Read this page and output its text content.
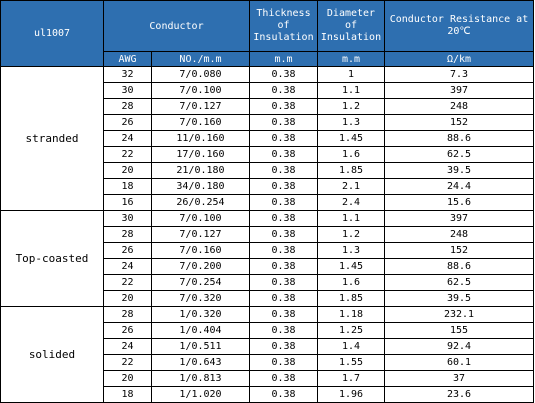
ul1007	Conductor		Thickness of Insulation	Diameter of Insulation	Conductor Resistance at 20℃
	AWG	NO./m.m	m.m	m.m	Ω/km
stranded	32	7/0.080	0.38	1	7.3
	30	7/0.100	0.38	1.1	397
	28	7/0.127	0.38	1.2	248
	26	7/0.160	0.38	1.3	152
	24	11/0.160	0.38	1.45	88.6
	22	17/0.160	0.38	1.6	62.5
	20	21/0.180	0.38	1.85	39.5
	18	34/0.180	0.38	2.1	24.4
	16	26/0.254	0.38	2.4	15.6
Top-coasted	30	7/0.100	0.38	1.1	397
	28	7/0.127	0.38	1.2	248
	26	7/0.160	0.38	1.3	152
	24	7/0.200	0.38	1.45	88.6
	22	7/0.254	0.38	1.6	62.5
	20	7/0.320	0.38	1.85	39.5
solided	28	1/0.320	0.38	1.18	232.1
	26	1/0.404	0.38	1.25	155
	24	1/0.511	0.38	1.4	92.4
	22	1/0.643	0.38	1.55	60.1
	20	1/0.813	0.38	1.7	37
	18	1/1.020	0.38	1.96	23.6
